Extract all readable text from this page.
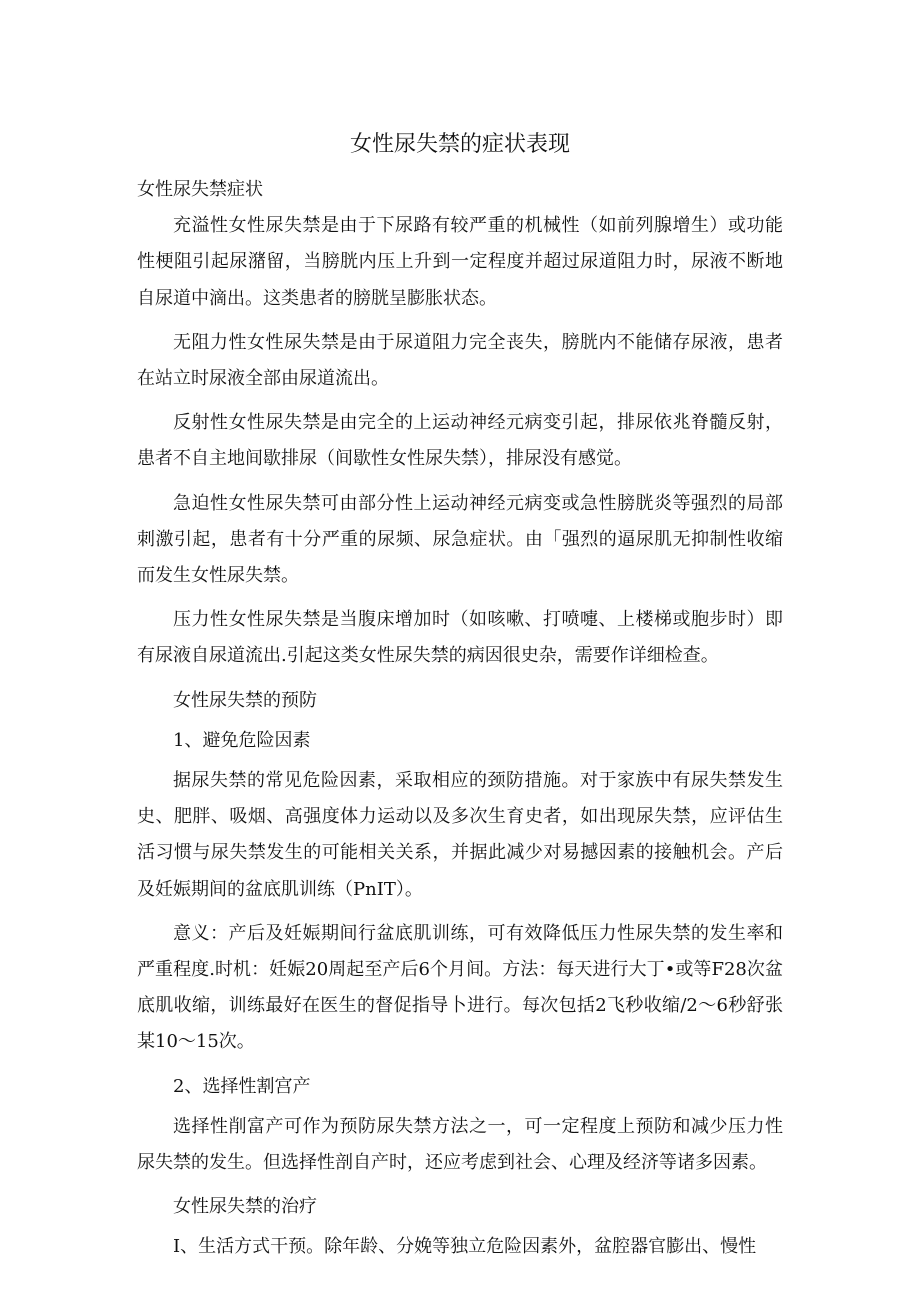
女性尿失禁的症状表现

女性尿失禁症状

充溢性女性尿失禁是由于下尿路有较严重的机械性（如前列腺增生）或功能性梗阻引起尿潴留，当膀胱内压上升到一定程度并超过尿道阻力时，尿液不断地自尿道中滴出。这类患者的膀胱呈膨胀状态。

无阻力性女性尿失禁是由于尿道阻力完全丧失，膀胱内不能储存尿液，患者在站立时尿液全部由尿道流出。

反射性女性尿失禁是由完全的上运动神经元病变引起，排尿依兆脊髓反射，患者不自主地间歇排尿（间歇性女性尿失禁），排尿没有感觉。

急迫性女性尿失禁可由部分性上运动神经元病变或急性膀胱炎等强烈的局部刺激引起，患者有十分严重的尿频、尿急症状。由「强烈的逼尿肌无抑制性收缩而发生女性尿失禁。

压力性女性尿失禁是当腹床增加时（如咳嗽、打喷嚏、上楼梯或胞步时）即有尿液自尿道流出.引起这类女性尿失禁的病因很史杂，需要作详细检查。

女性尿失禁的预防

1、避免危险因素

据尿失禁的常见危险因素，采取相应的颈防措施。对于家族中有尿失禁发生史、肥胖、吸烟、高强度体力运动以及多次生育史者，如出现尿失禁，应评估生活习惯与尿失禁发生的可能相关关系，并据此减少对易撼因素的接触机会。产后及妊娠期间的盆底肌训练（PnIT）。

意义：产后及妊娠期间行盆底肌训练，可有效降低压力性尿失禁的发生率和严重程度.时机：妊娠20周起至产后6个月间。方法：每天进行大丁•或等F28次盆底肌收缩，训练最好在医生的督促指导卜进行。每次包括2飞秒收缩/2～6秒舒张某10～15次。

2、选择性割宫产

选择性削富产可作为预防尿失禁方法之一，可一定程度上预防和减少压力性尿失禁的发生。但选择性剖自产时，还应考虑到社会、心理及经济等诸多因素。

女性尿失禁的治疗

I、生活方式干预。除年龄、分娩等独立危险因素外，盆腔器官膨出、慢性
